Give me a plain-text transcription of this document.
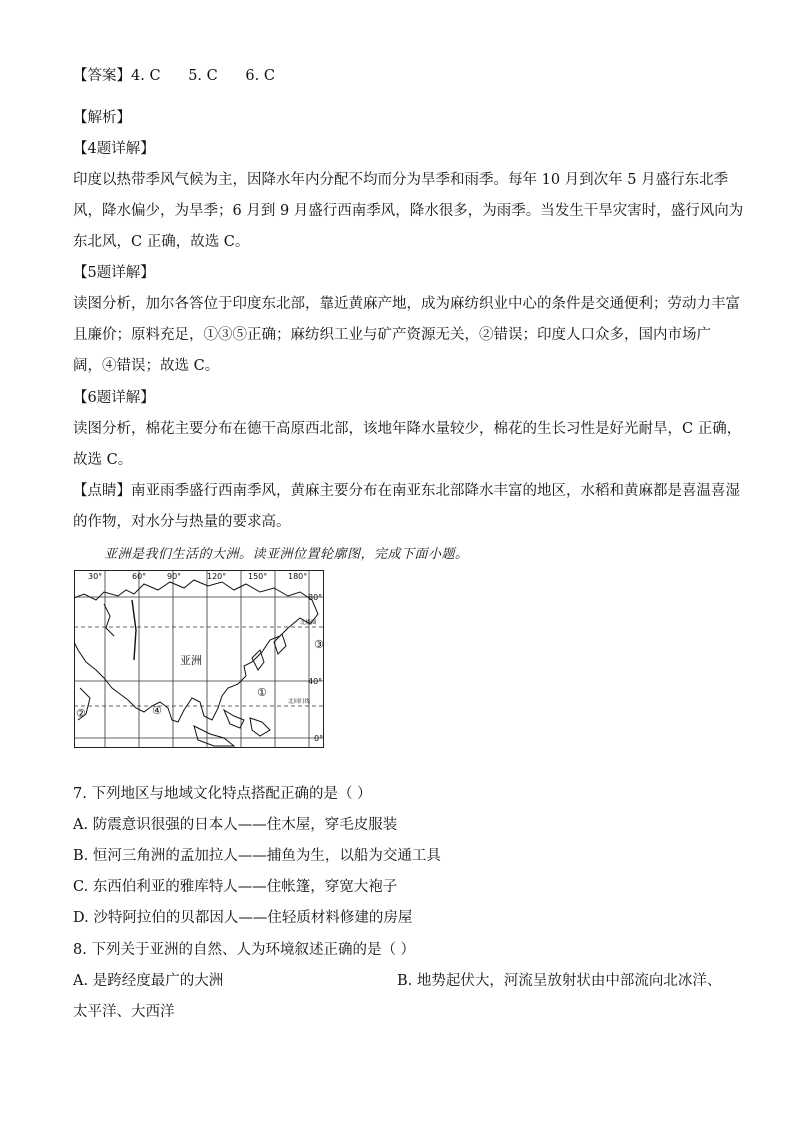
【答案】4. C      5. C      6. C
【解析】
【4题详解】
印度以热带季风气候为主，因降水年内分配不均而分为旱季和雨季。每年 10 月到次年 5 月盛行东北季
风，降水偏少，为旱季；6 月到 9 月盛行西南季风，降水很多，为雨季。当发生干旱灾害时，盛行风向为
东北风，C 正确，故选 C。
【5题详解】
读图分析，加尔各答位于印度东北部，靠近黄麻产地，成为麻纺织业中心的条件是交通便利；劳动力丰富
且廉价；原料充足，①③⑤正确；麻纺织工业与矿产资源无关，②错误；印度人口众多，国内市场广
阔，④错误；故选 C。
【6题详解】
读图分析，棉花主要分布在德干高原西北部，该地年降水量较少，棉花的生长习性是好光耐旱，C 正确，
故选 C。
【点睛】南亚雨季盛行西南季风，黄麻主要分布在南亚东北部降水丰富的地区，水稻和黄麻都是喜温喜湿
的作物，对水分与热量的要求高。
亚洲是我们生活的大洲。读亚洲位置轮廓图，完成下面小题。
30°	60°	90°	120°	150°	180°
80°
40°
0°
北极圈
北回归线
亚洲
①
②
③
④
7. 下列地区与地域文化特点搭配正确的是（ ）
A. 防震意识很强的日本人——住木屋，穿毛皮服装
B. 恒河三角洲的孟加拉人——捕鱼为生，以船为交通工具
C. 东西伯利亚的雅库特人——住帐篷，穿宽大袍子
D. 沙特阿拉伯的贝都因人——住轻质材料修建的房屋
8. 下列关于亚洲的自然、人为环境叙述正确的是（ ）
A. 是跨经度最广的大洲	B. 地势起伏大，河流呈放射状由中部流向北冰洋、
太平洋、大西洋
